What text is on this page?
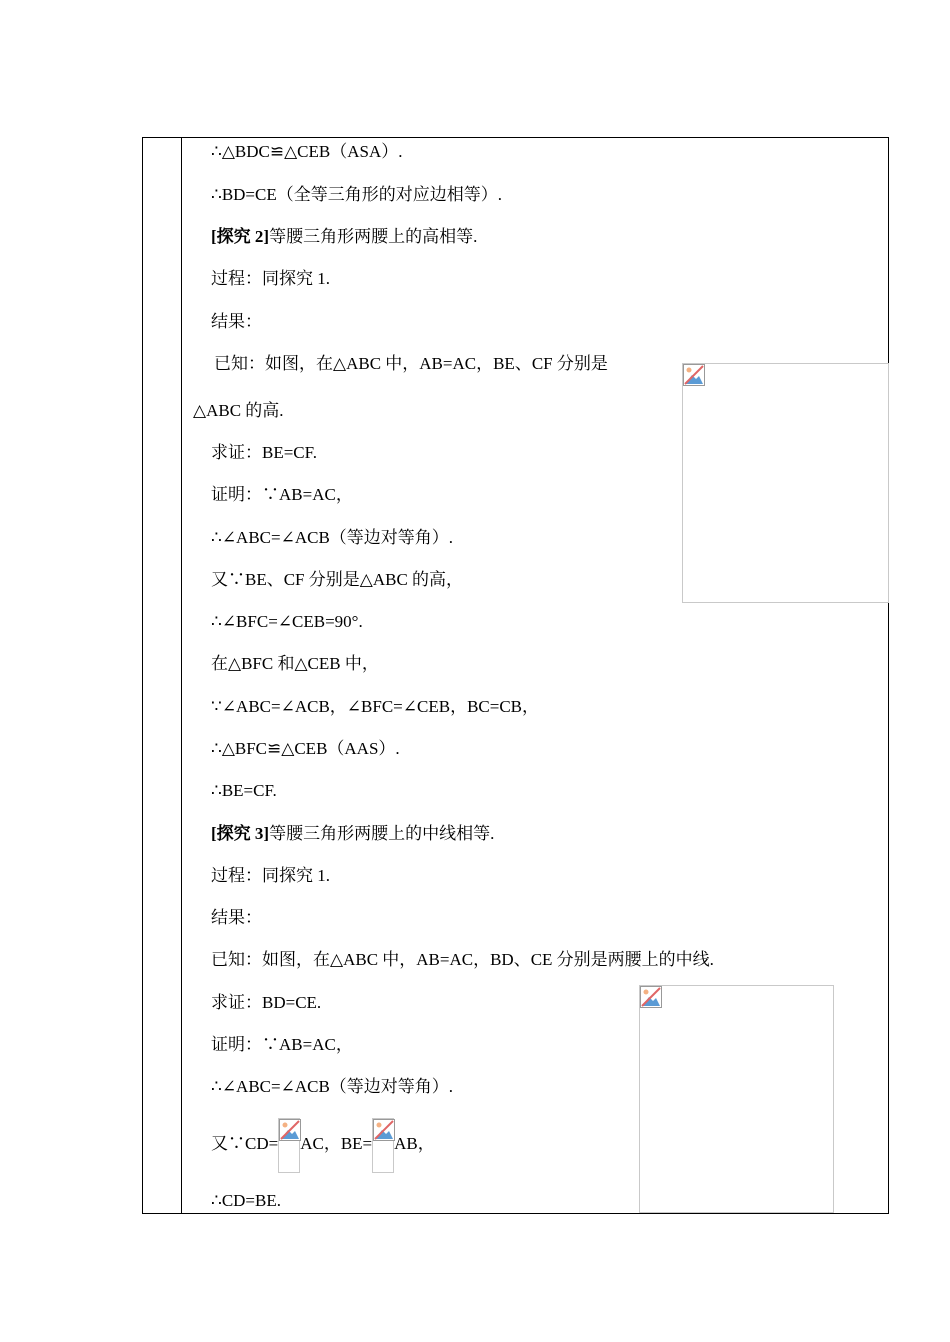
∴△BDC≌△CEB（ASA）.
∴BD=CE（全等三角形的对应边相等）.
[探究 2]等腰三角形两腰上的高相等.
过程：同探究 1.
结果：
已知：如图，在△ABC 中，AB=AC，BE、CF 分别是
△ABC 的高.
求证：BE=CF.
证明：∵AB=AC，
∴∠ABC=∠ACB（等边对等角）.
又∵BE、CF 分别是△ABC 的高，
∴∠BFC=∠CEB=90°.
在△BFC 和△CEB 中，
∵∠ABC=∠ACB，∠BFC=∠CEB，BC=CB，
∴△BFC≌△CEB（AAS）.
∴BE=CF.
[探究 3]等腰三角形两腰上的中线相等.
过程：同探究 1.
结果：
已知：如图，在△ABC 中，AB=AC，BD、CE 分别是两腰上的中线.
求证：BD=CE.
证明：∵AB=AC，
∴∠ABC=∠ACB（等边对等角）.
又∵CD= AC，BE= AB，
∴CD=BE.
